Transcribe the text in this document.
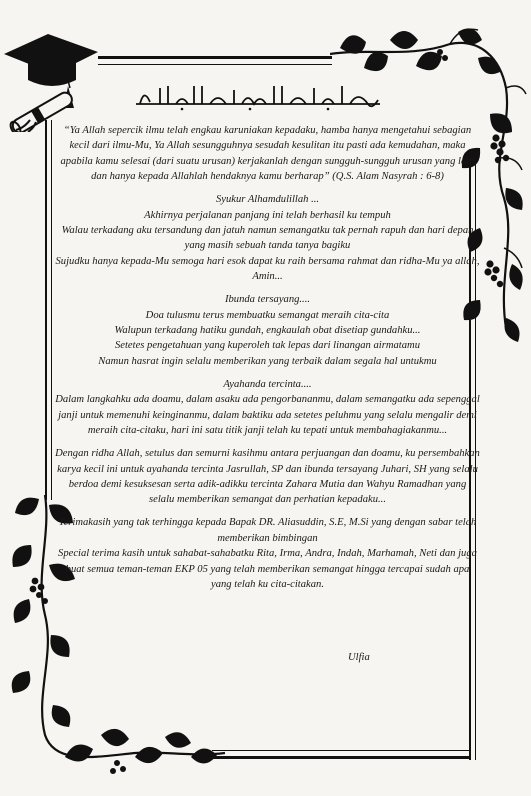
“Ya Allah sepercik ilmu telah engkau karuniakan kepadaku, hamba hanya mengetahui sebagian kecil dari ilmu-Mu, Ya Allah sesungguhnya sesudah kesulitan itu pasti ada kemudahan, maka apabila kamu selesai (dari suatu urusan) kerjakanlah dengan sungguh-sungguh urusan yang lain dan hanya kepada Allahlah hendaknya kamu berharap” (Q.S. Alam Nasyrah : 6-8)

Syukur Alhamdulillah ...

Akhirnya perjalanan panjang ini telah berhasil ku tempuh

Walau terkadang aku tersandung dan jatuh namun semangatku tak pernah rapuh dan hari depan yang masih sebuah tanda tanya bagiku

Sujudku hanya kepada-Mu semoga hari esok dapat ku raih bersama rahmat dan ridha-Mu ya allah, Amin...

Ibunda tersayang....

Doa tulusmu terus membuatku semangat meraih cita-cita

Walupun terkadang hatiku gundah, engkaulah obat disetiap gundahku...

Setetes pengetahuan yang kuperoleh tak lepas dari linangan airmatamu

Namun hasrat ingin selalu memberikan yang terbaik dalam segala hal untukmu

Ayahanda tercinta....

Dalam langkahku ada doamu, dalam asaku ada pengorbananmu, dalam semangatku ada sepenggal janji untuk memenuhi keinginanmu, dalam baktiku ada setetes peluhmu yang selalu mengalir demi meraih cita-citaku, hari ini satu titik janji telah ku tepati untuk membahagiakanmu...

Dengan ridha Allah, setulus dan semurni kasihmu antara perjuangan dan doamu, ku persembahkan karya kecil ini untuk ayahanda tercinta Jasrullah, SP dan ibunda tersayang Juhari, SH yang selalu berdoa demi kesuksesan serta adik-adikku tercinta Zahara Mutia dan Wahyu Ramadhan yang selalu memberikan semangat dan perhatian kepadaku...

Terimakasih yang tak terhingga kepada Bapak DR. Aliasuddin, S.E, M.Si yang dengan sabar telah memberikan bimbingan

Special terima kasih untuk sahabat-sahabatku Rita, Irma, Andra, Indah, Marhamah, Neti dan juga buat semua teman-teman EKP 05 yang telah memberikan semangat hingga tercapai sudah apa yang telah ku cita-citakan.

Ulfia
